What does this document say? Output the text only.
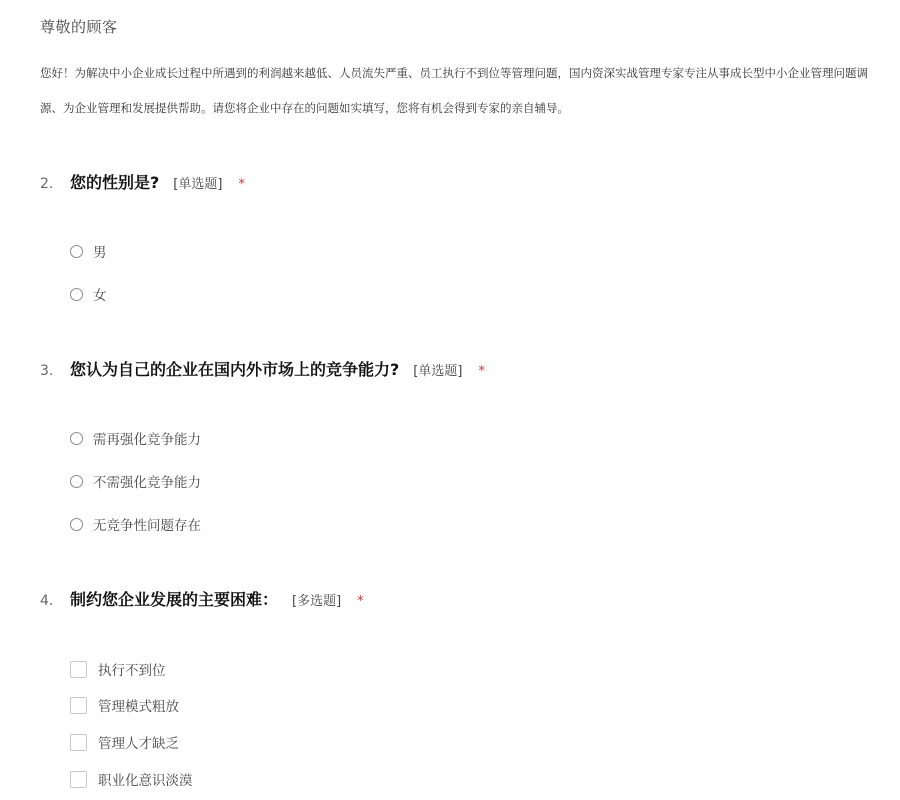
尊敬的顾客
您好！为解决中小企业成长过程中所遇到的利润越来越低、人员流失严重、员工执行不到位等管理问题，国内资深实战管理专家专注从事成长型中小企业管理问题调
源、为企业管理和发展提供帮助。请您将企业中存在的问题如实填写，您将有机会得到专家的亲自辅导。
2.	您的性别是? [单选题] *
男
女
3.	您认为自己的企业在国内外市场上的竞争能力? [单选题] *
需再强化竞争能力
不需强化竞争能力
无竞争性问题存在
4.	制约您企业发展的主要困难： [多选题] *
执行不到位
管理模式粗放
管理人才缺乏
职业化意识淡漠
